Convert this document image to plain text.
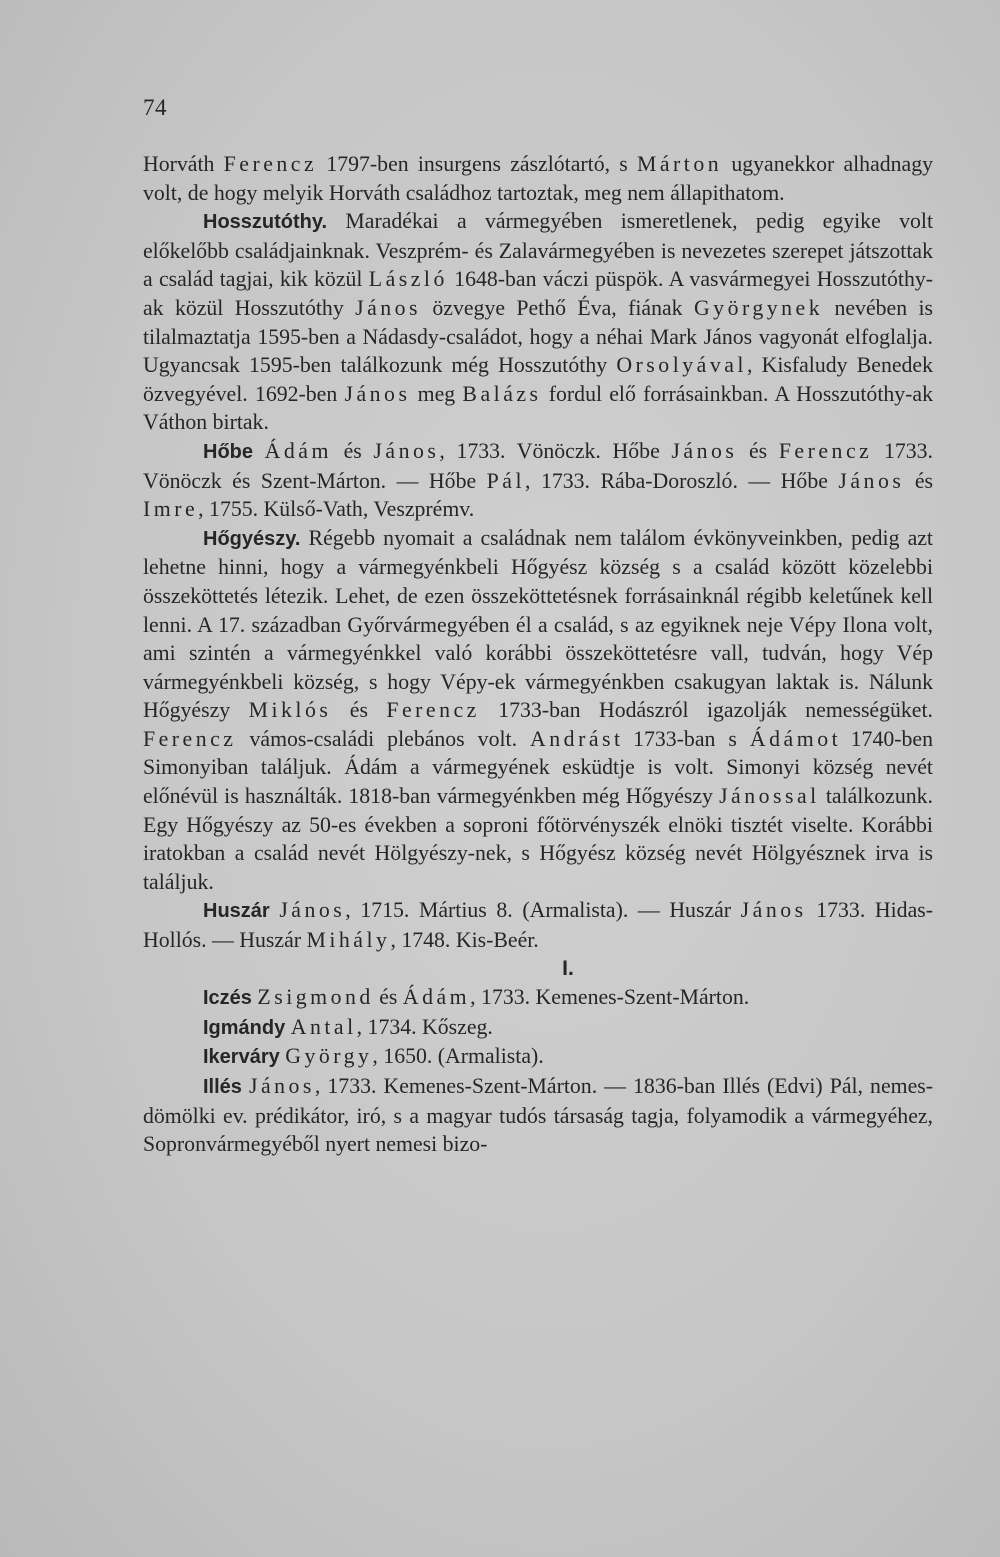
74

Horváth Ferencz 1797-ben insurgens zászlótartó, s Márton ugyanekkor alhadnagy volt, de hogy melyik Horváth családhoz tartoztak, meg nem állapithatom.

Hosszutóthy. Maradékai a vármegyében ismeretlenek, pedig egyike volt előkelőbb családjainknak. Veszprém- és Zalavármegyében is nevezetes szerepet játszottak a család tagjai, kik közül László 1648-ban váczi püspök. A vasvármegyei Hosszutóthy-ak közül Hosszutóthy János özvegye Pethő Éva, fiának Györgynek nevében is tilalmaztatja 1595-ben a Nádasdy-családot, hogy a néhai Mark János vagyonát elfoglalja. Ugyancsak 1595-ben találkozunk még Hosszutóthy Orsolyával, Kisfaludy Benedek özvegyével. 1692-ben János meg Balázs fordul elő forrásainkban. A Hosszutóthy-ak Váthon birtak.

Hőbe Ádám és János, 1733. Vönöczk. Hőbe János és Ferencz 1733. Vönöczk és Szent-Márton. — Hőbe Pál, 1733. Rába-Doroszló. — Hőbe János és Imre, 1755. Külső-Vath, Veszprémv.

Hőgyészy. Régebb nyomait a családnak nem találom évkönyveinkben, pedig azt lehetne hinni, hogy a vármegyénkbeli Hőgyész község s a család között közelebbi összeköttetés létezik. Lehet, de ezen összeköttetésnek forrásainknál régibb keletűnek kell lenni. A 17. században Győrvármegyében él a család, s az egyiknek neje Vépy Ilona volt, ami szintén a vármegyénkkel való korábbi összeköttetésre vall, tudván, hogy Vép vármegyénkbeli község, s hogy Vépy-ek vármegyénkben csakugyan laktak is. Nálunk Hőgyészy Miklós és Ferencz 1733-ban Hodászról igazolják nemességüket. Ferencz vámos-családi plebános volt. Andrást 1733-ban s Ádámot 1740-ben Simonyiban találjuk. Ádám a vármegyének esküdtje is volt. Simonyi község nevét előnévül is használták. 1818-ban vármegyénkben még Hőgyészy Jánossal találkozunk. Egy Hőgyészy az 50-es években a soproni főtörvényszék elnöki tisztét viselte. Korábbi iratokban a család nevét Hölgyészy-nek, s Hőgyész község nevét Hölgyésznek irva is találjuk.

Huszár János, 1715. Mártius 8. (Armalista). — Huszár János 1733. Hidas-Hollós. — Huszár Mihály, 1748. Kis-Beér.

I.

Iczés Zsigmond és Ádám, 1733. Kemenes-Szent-Márton.

Igmándy Antal, 1734. Kőszeg.

Ikerváry György, 1650. (Armalista).

Illés János, 1733. Kemenes-Szent-Márton. — 1836-ban Illés (Edvi) Pál, nemes-dömölki ev. prédikátor, iró, s a magyar tudós társaság tagja, folyamodik a vármegyéhez, Sopronvármegyéből nyert nemesi bizo-
